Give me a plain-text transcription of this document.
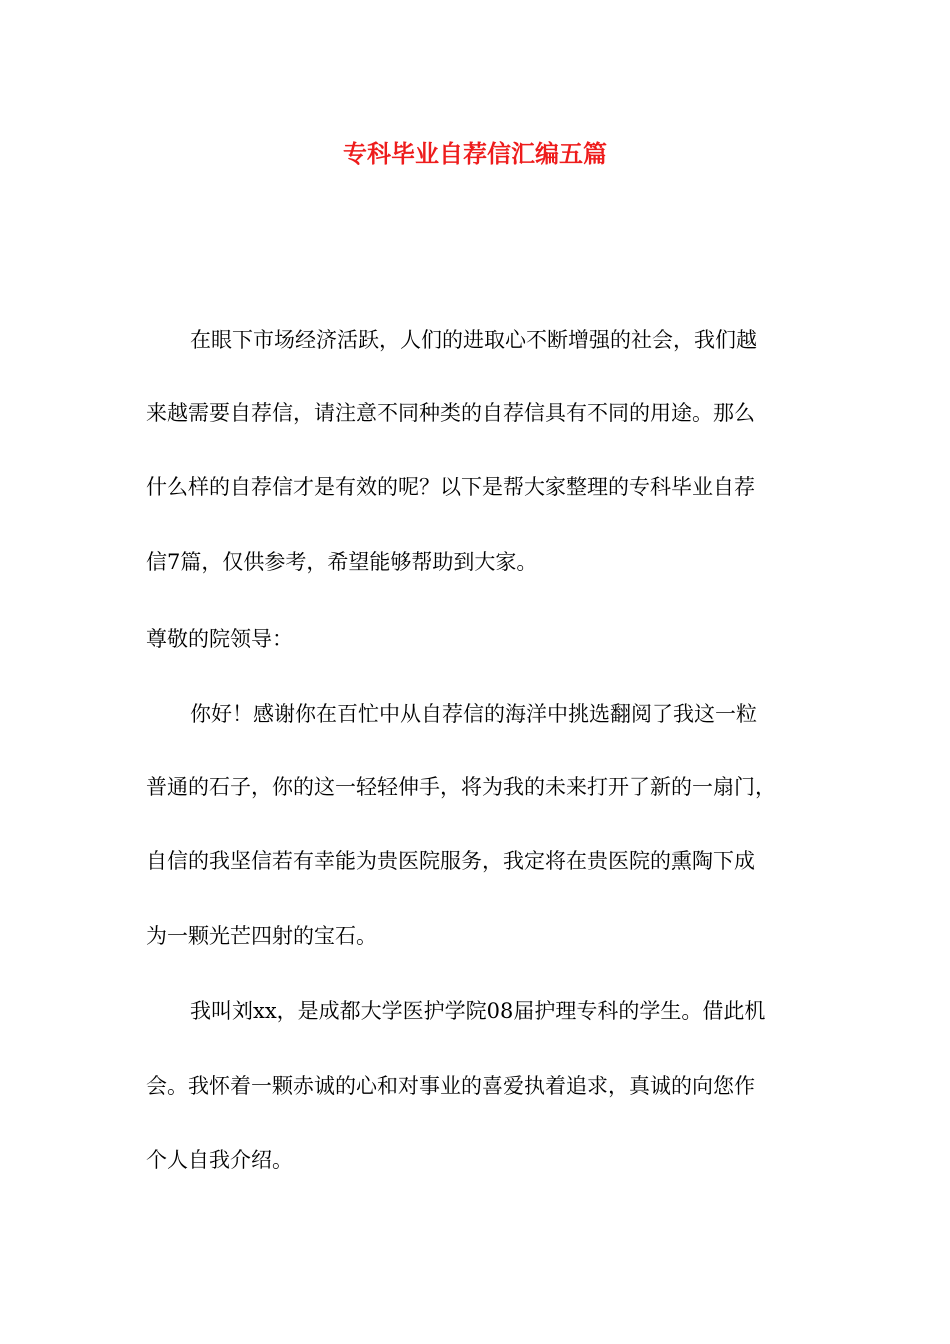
专科毕业自荐信汇编五篇
在眼下市场经济活跃，人们的进取心不断增强的社会，我们越
来越需要自荐信，请注意不同种类的自荐信具有不同的用途。那么
什么样的自荐信才是有效的呢？以下是帮大家整理的专科毕业自荐
信7篇，仅供参考，希望能够帮助到大家。
尊敬的院领导：
你好！感谢你在百忙中从自荐信的海洋中挑选翻阅了我这一粒
普通的石子，你的这一轻轻伸手，将为我的未来打开了新的一扇门，
自信的我坚信若有幸能为贵医院服务，我定将在贵医院的熏陶下成
为一颗光芒四射的宝石。
我叫刘xx，是成都大学医护学院08届护理专科的学生。借此机
会。我怀着一颗赤诚的心和对事业的喜爱执着追求，真诚的向您作
个人自我介绍。
